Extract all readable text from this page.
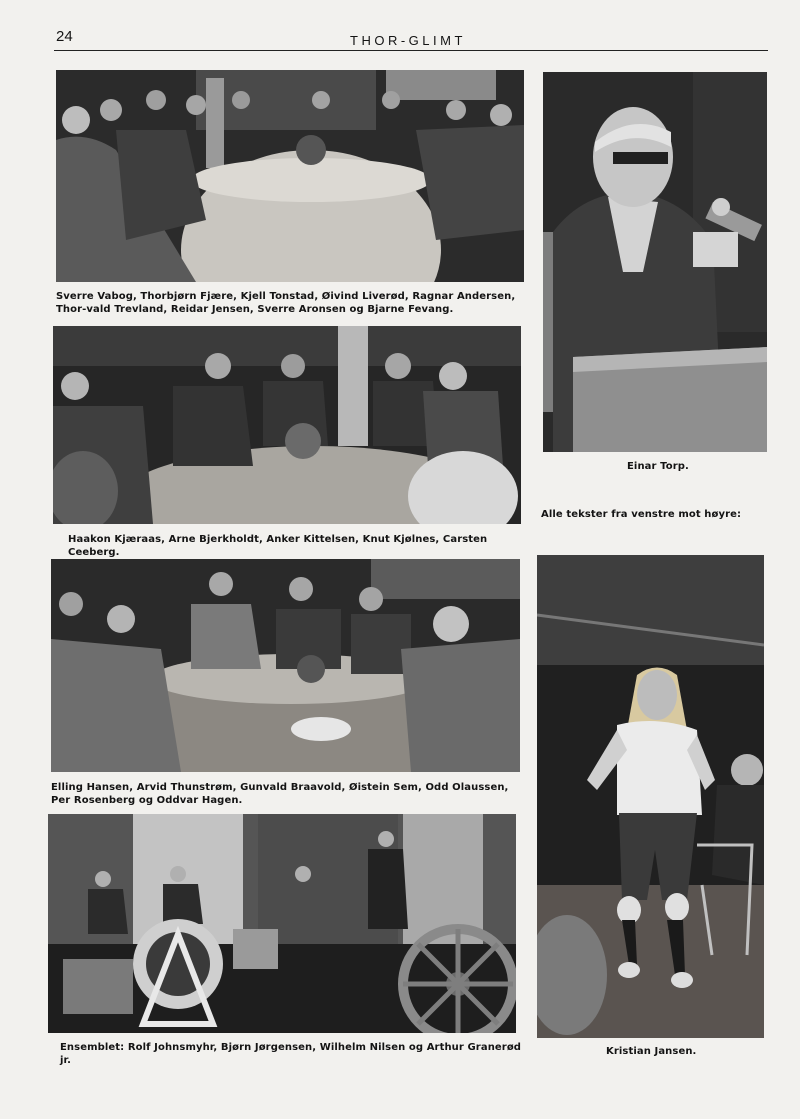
24	THOR-GLIMT
Sverre Vabog, Thorbjørn Fjære, Kjell Tonstad, Øivind Liverød, Ragnar Andersen, Thor-vald Trevland, Reidar Jensen, Sverre Aronsen og Bjarne Fevang.
Haakon Kjæraas, Arne Bjerkholdt, Anker Kittelsen, Knut Kjølnes, Carsten Ceeberg.
Elling Hansen, Arvid Thunstrøm, Gunvald Braavold, Øistein Sem, Odd Olaussen, Per Rosenberg og Oddvar Hagen.
Ensemblet: Rolf Johnsmyhr, Bjørn Jørgensen, Wilhelm Nilsen og Arthur Granerød jr.
Einar Torp.
Alle tekster fra venstre mot høyre:
Kristian Jansen.
